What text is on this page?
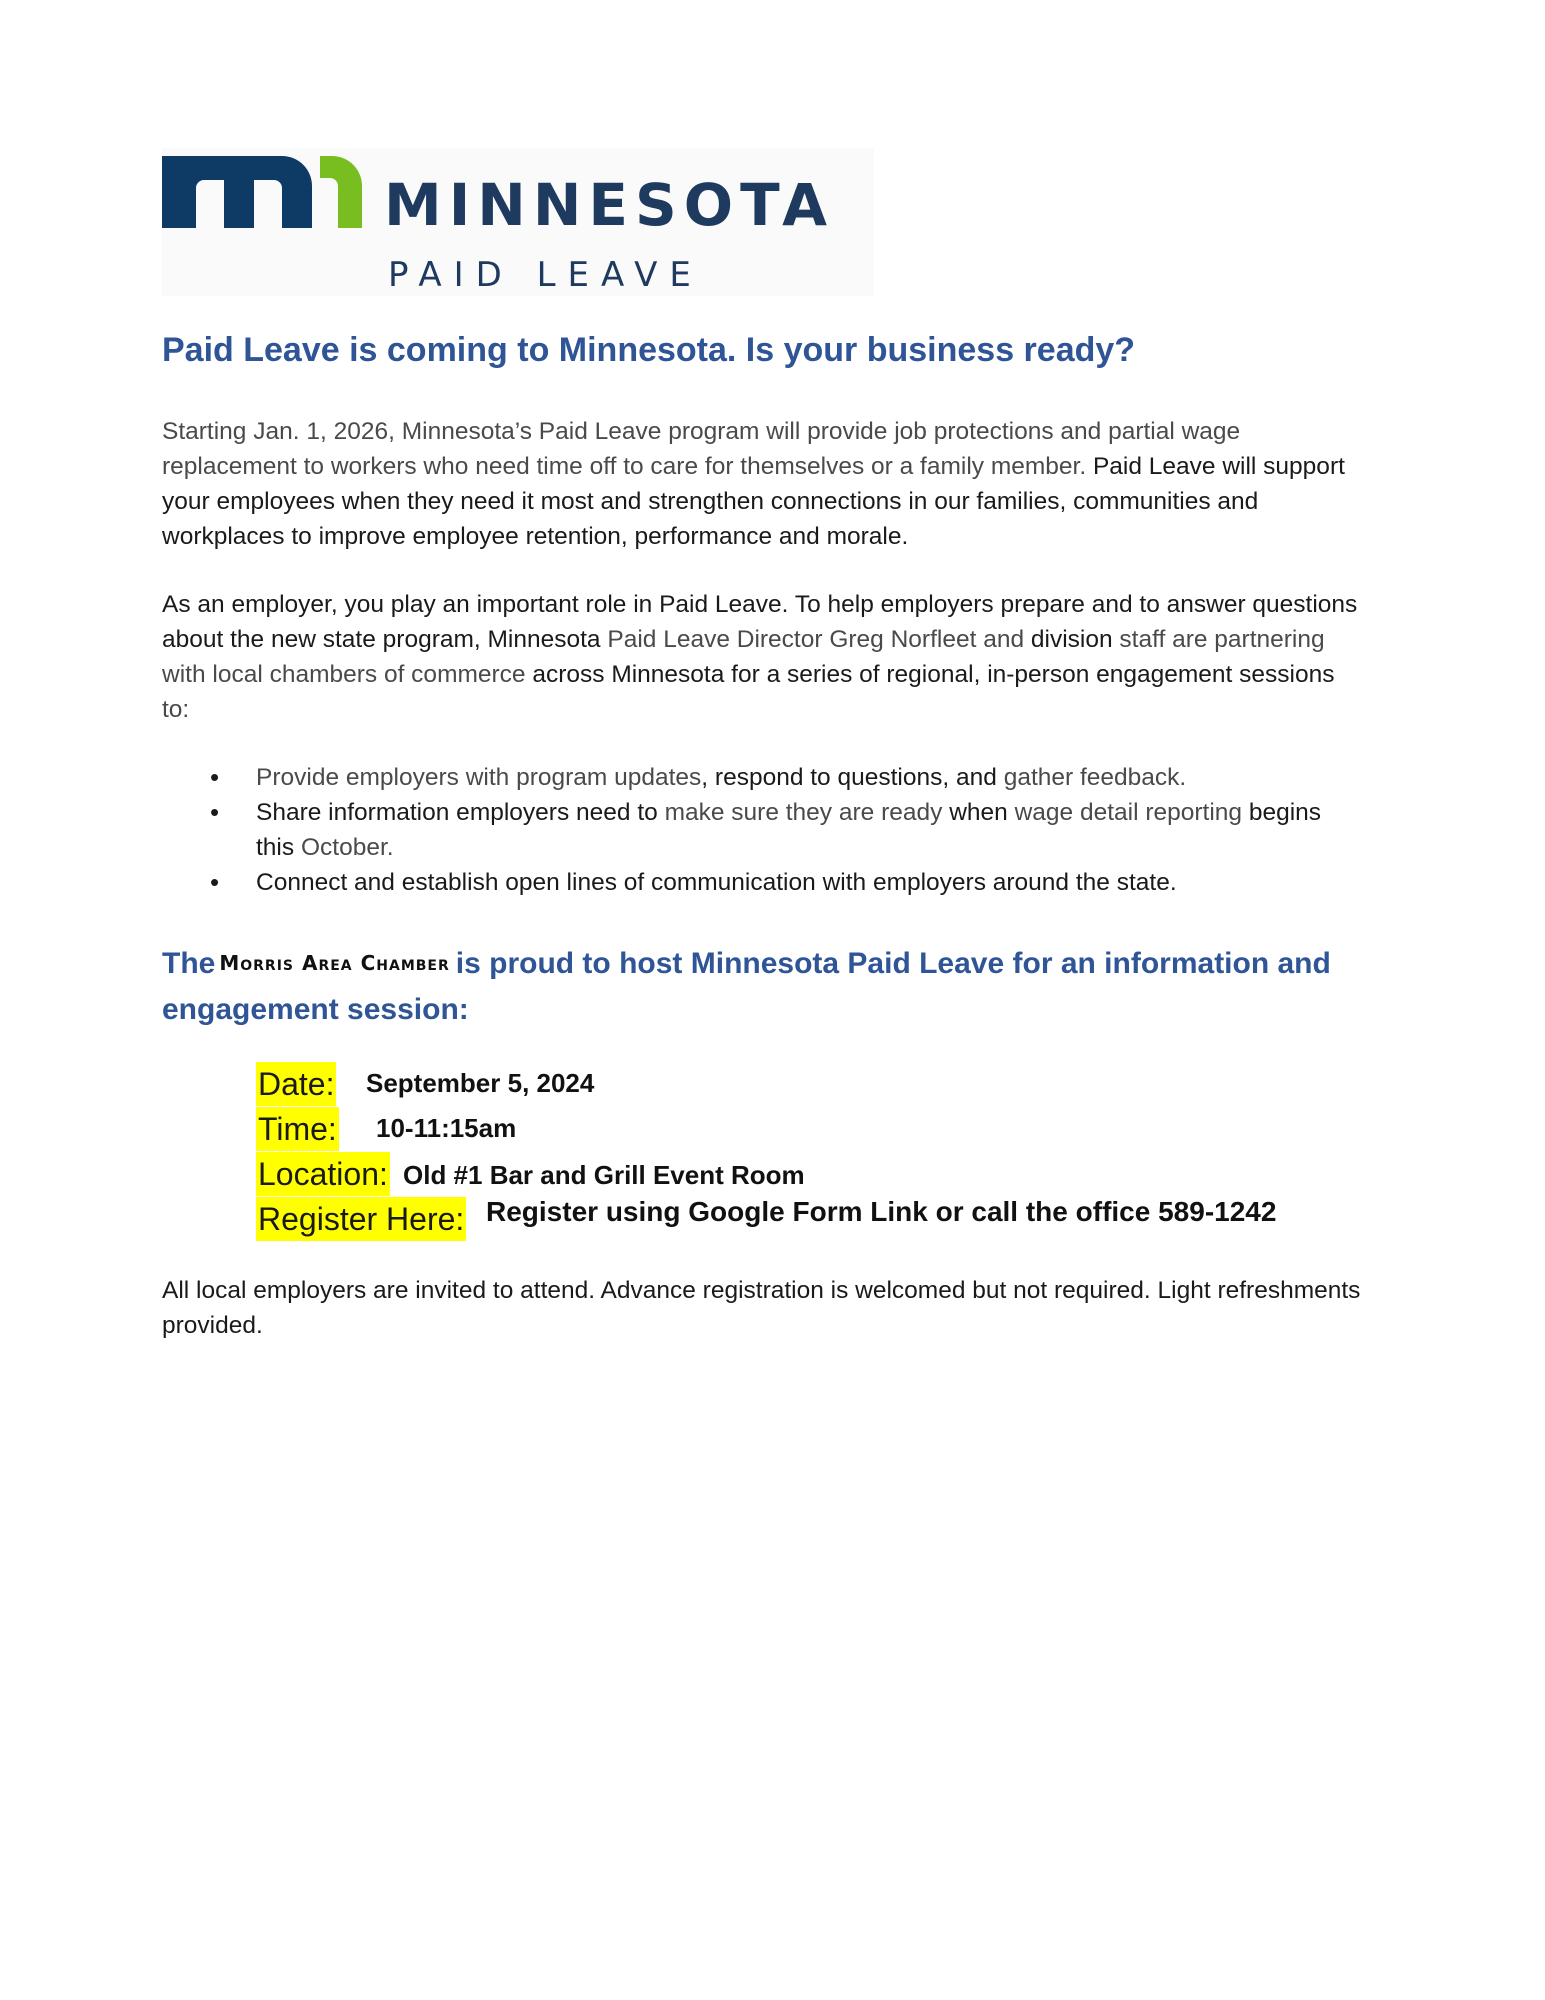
MINNESOTA
PAID LEAVE
Paid Leave is coming to Minnesota. Is your business ready?
Starting Jan. 1, 2026, Minnesota’s Paid Leave program will provide job protections and partial wage replacement to workers who need time off to care for themselves or a family member. Paid Leave will support your employees when they need it most and strengthen connections in our families, communities and workplaces to improve employee retention, performance and morale.
As an employer, you play an important role in Paid Leave. To help employers prepare and to answer questions about the new state program, Minnesota Paid Leave Director Greg Norfleet and division staff are partnering with local chambers of commerce across Minnesota for a series of regional, in-person engagement sessions to:
• Provide employers with program updates, respond to questions, and gather feedback.
• Share information employers need to make sure they are ready when wage detail reporting begins this October.
• Connect and establish open lines of communication with employers around the state.
The Morris Area Chamber is proud to host Minnesota Paid Leave for an information and engagement session:
Date: September 5, 2024
Time: 10-11:15am
Location: Old #1 Bar and Grill Event Room
Register Here: Register using Google Form Link or call the office 589-1242
All local employers are invited to attend. Advance registration is welcomed but not required. Light refreshments provided.
